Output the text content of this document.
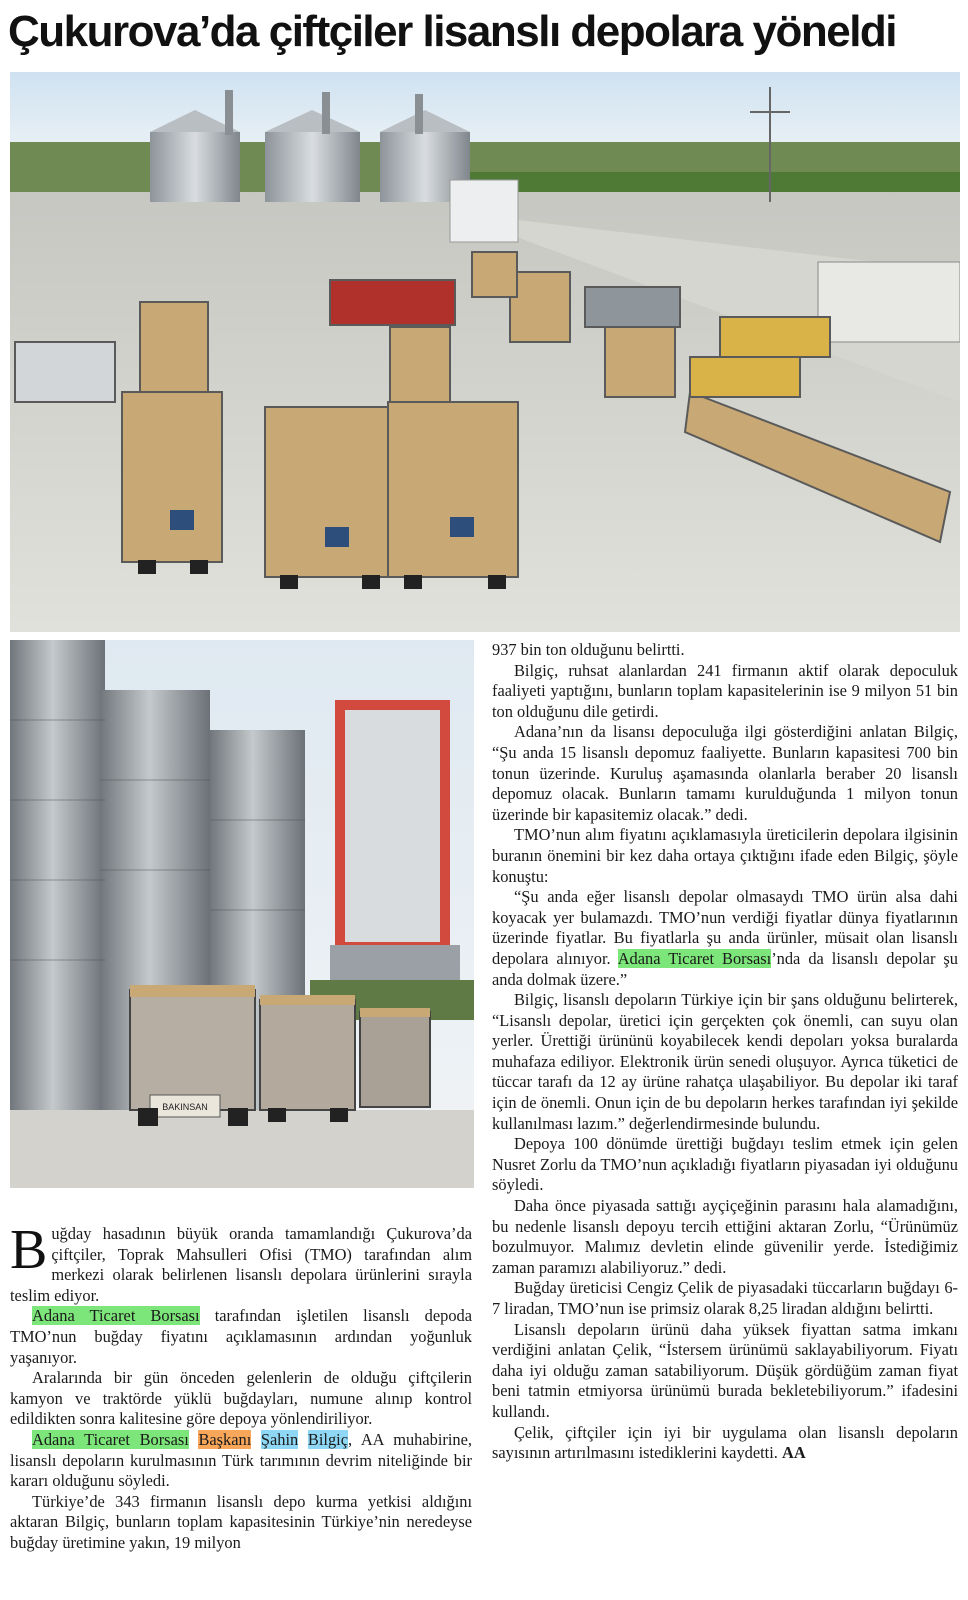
Çukurova’da çiftçiler lisanslı depolara yöneldi
BAKINSAN

Buğday hasadının büyük oranda tamamlandığı Çukurova’da çiftçiler, Toprak Mahsulleri Ofisi (TMO) tarafından alım merkezi olarak belirlenen lisanslı depolara ürünlerini sırayla teslim ediyor.

Adana Ticaret Borsası tarafından işletilen lisanslı depoda TMO’nun buğday fiyatını açıklamasının ardından yoğunluk yaşanıyor.

Aralarında bir gün önceden gelenlerin de olduğu çiftçilerin kamyon ve traktörde yüklü buğdayları, numune alınıp kontrol edildikten sonra kalitesine göre depoya yönlendiriliyor.

Adana Ticaret Borsası Başkanı Şahin Bilgiç, AA muhabirine, lisanslı depoların kurulmasının Türk tarımının devrim niteliğinde bir kararı olduğunu söyledi.

Türkiye’de 343 firmanın lisanslı depo kurma yetkisi aldığını aktaran Bilgiç, bunların toplam kapasitesinin Türkiye’nin neredeyse buğday üretimine yakın, 19 milyon

937 bin ton olduğunu belirtti.

Bilgiç, ruhsat alanlardan 241 firmanın aktif olarak depoculuk faaliyeti yaptığını, bunların toplam kapasitelerinin ise 9 milyon 51 bin ton olduğunu dile getirdi.

Adana’nın da lisansı depoculuğa ilgi gösterdiğini anlatan Bilgiç, “Şu anda 15 lisanslı depomuz faaliyette. Bunların kapasitesi 700 bin tonun üzerinde. Kuruluş aşamasında olanlarla beraber 20 lisanslı depomuz olacak. Bunların tamamı kurulduğunda 1 milyon tonun üzerinde bir kapasitemiz olacak.” dedi.

TMO’nun alım fiyatını açıklamasıyla üreticilerin depolara ilgisinin buranın önemini bir kez daha ortaya çıktığını ifade eden Bilgiç, şöyle konuştu:

“Şu anda eğer lisanslı depolar olmasaydı TMO ürün alsa dahi koyacak yer bulamazdı. TMO’nun verdiği fiyatlar dünya fiyatlarının üzerinde fiyatlar. Bu fiyatlarla şu anda ürünler, müsait olan lisanslı depolara alınıyor. Adana Ticaret Borsası’nda da lisanslı depolar şu anda dolmak üzere.”

Bilgiç, lisanslı depoların Türkiye için bir şans olduğunu belirterek, “Lisanslı depolar, üretici için gerçekten çok önemli, can suyu olan yerler. Ürettiği ürününü koyabilecek kendi depoları yoksa buralarda muhafaza ediliyor. Elektronik ürün senedi oluşuyor. Ayrıca tüketici de tüccar tarafı da 12 ay ürüne rahatça ulaşabiliyor. Bu depolar iki taraf için de önemli. Onun için de bu depoların herkes tarafından iyi şekilde kullanılması lazım.” değerlendirmesinde bulundu.

Depoya 100 dönümde ürettiği buğdayı teslim etmek için gelen Nusret Zorlu da TMO’nun açıkladığı fiyatların piyasadan iyi olduğunu söyledi.

Daha önce piyasada sattığı ayçiçeğinin parasını hala alamadığını, bu nedenle lisanslı depoyu tercih ettiğini aktaran Zorlu, “Ürünümüz bozulmuyor. Malımız devletin elinde güvenilir yerde. İstediğimiz zaman paramızı alabiliyoruz.” dedi.

Buğday üreticisi Cengiz Çelik de piyasadaki tüccarların buğdayı 6-7 liradan, TMO’nun ise primsiz olarak 8,25 liradan aldığını belirtti.

Lisanslı depoların ürünü daha yüksek fiyattan satma imkanı verdiğini anlatan Çelik, “İstersem ürünümü saklayabiliyorum. Fiyatı daha iyi olduğu zaman satabiliyorum. Düşük gördüğüm zaman fiyat beni tatmin etmiyorsa ürünümü burada bekletebiliyorum.” ifadesini kullandı.

Çelik, çiftçiler için iyi bir uygulama olan lisanslı depoların sayısının artırılmasını istediklerini kaydetti. AA
